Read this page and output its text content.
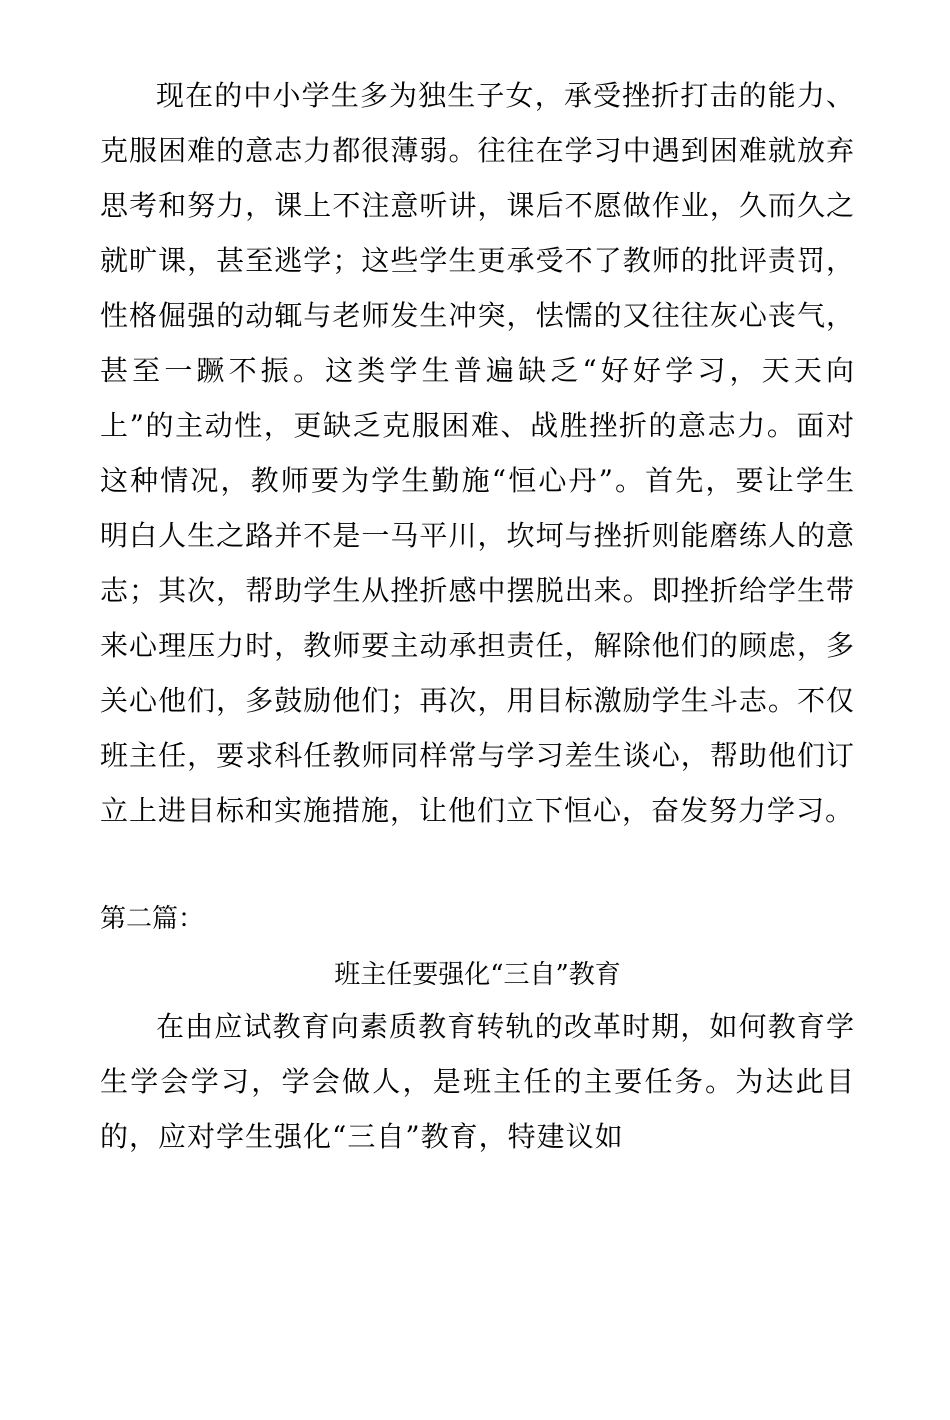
现在的中小学生多为独生子女，承受挫折打击的能力、克服困难的意志力都很薄弱。往往在学习中遇到困难就放弃思考和努力，课上不注意听讲，课后不愿做作业，久而久之就旷课，甚至逃学；这些学生更承受不了教师的批评责罚，性格倔强的动辄与老师发生冲突，怯懦的又往往灰心丧气，甚至一蹶不振。这类学生普遍缺乏“好好学习，天天向上”的主动性，更缺乏克服困难、战胜挫折的意志力。面对这种情况，教师要为学生勤施“恒心丹”。首先，要让学生明白人生之路并不是一马平川，坎坷与挫折则能磨练人的意志；其次，帮助学生从挫折感中摆脱出来。即挫折给学生带来心理压力时，教师要主动承担责任，解除他们的顾虑，多关心他们，多鼓励他们；再次，用目标激励学生斗志。不仅班主任，要求科任教师同样常与学习差生谈心，帮助他们订立上进目标和实施措施，让他们立下恒心，奋发努力学习。

第二篇：
班主任要强化“三自”教育

在由应试教育向素质教育转轨的改革时期，如何教育学生学会学习，学会做人，是班主任的主要任务。为达此目的，应对学生强化“三自”教育，特建议如
